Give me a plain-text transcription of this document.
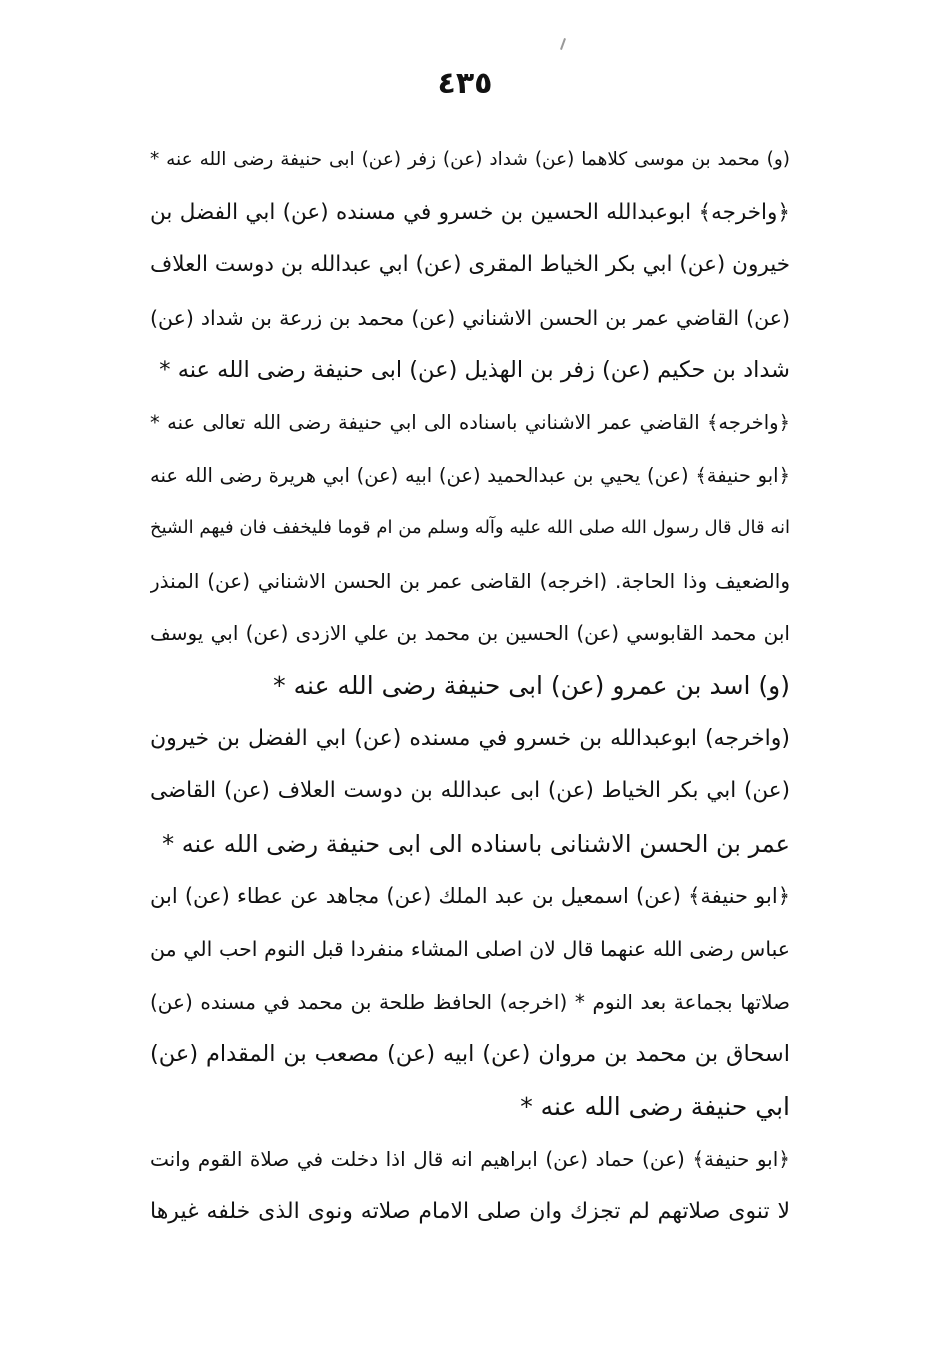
٤٣٥
(و) محمد بن موسى كلاهما (عن) شداد (عن) زفر (عن) ابى حنيفة رضى الله عنه *
﴿واخرجه﴾ ابوعبدالله الحسين بن خسرو في مسنده (عن) ابي الفضل بن
خيرون (عن) ابي بكر الخياط المقرى (عن) ابي عبدالله بن دوست العلاف
(عن) القاضي عمر بن الحسن الاشناني (عن) محمد بن زرعة بن شداد (عن)
شداد بن حكيم (عن) زفر بن الهذيل (عن) ابى حنيفة رضى الله عنه *
﴿واخرجه﴾ القاضي عمر الاشناني باسناده الى ابي حنيفة رضى الله تعالى عنه *
﴿ابو حنيفة﴾ (عن) يحيي بن عبدالحميد (عن) ابيه (عن) ابي هريرة رضى الله عنه
انه قال قال رسول الله صلى الله عليه وآله وسلم من ام قوما فليخفف فان فيهم الشيخ
والضعيف وذا الحاجة. (اخرجه) القاضى عمر بن الحسن الاشناني (عن) المنذر
ابن محمد القابوسي (عن) الحسين بن محمد بن علي الازدى (عن) ابي يوسف
(و) اسد بن عمرو (عن) ابى حنيفة رضى الله عنه *
(واخرجه) ابوعبدالله بن خسرو في مسنده (عن) ابي الفضل بن خيرون
(عن) ابي بكر الخياط (عن) ابى عبدالله بن دوست العلاف (عن) القاضى
عمر بن الحسن الاشنانى باسناده الى ابى حنيفة رضى الله عنه *
﴿ابو حنيفة﴾ (عن) اسمعيل بن عبد الملك (عن) مجاهد عن عطاء (عن) ابن
عباس رضى الله عنهما قال لان اصلى المشاء منفردا قبل النوم احب الي من
صلاتها بجماعة بعد النوم * (اخرجه) الحافظ طلحة بن محمد في مسنده (عن)
اسحاق بن محمد بن مروان (عن) ابيه (عن) مصعب بن المقدام (عن)
ابي حنيفة رضى الله عنه *
﴿ابو حنيفة﴾ (عن) حماد (عن) ابراهيم انه قال اذا دخلت في صلاة القوم وانت
لا تنوى صلاتهم لم تجزك وان صلى الامام صلاته ونوى الذى خلفه غيرها
